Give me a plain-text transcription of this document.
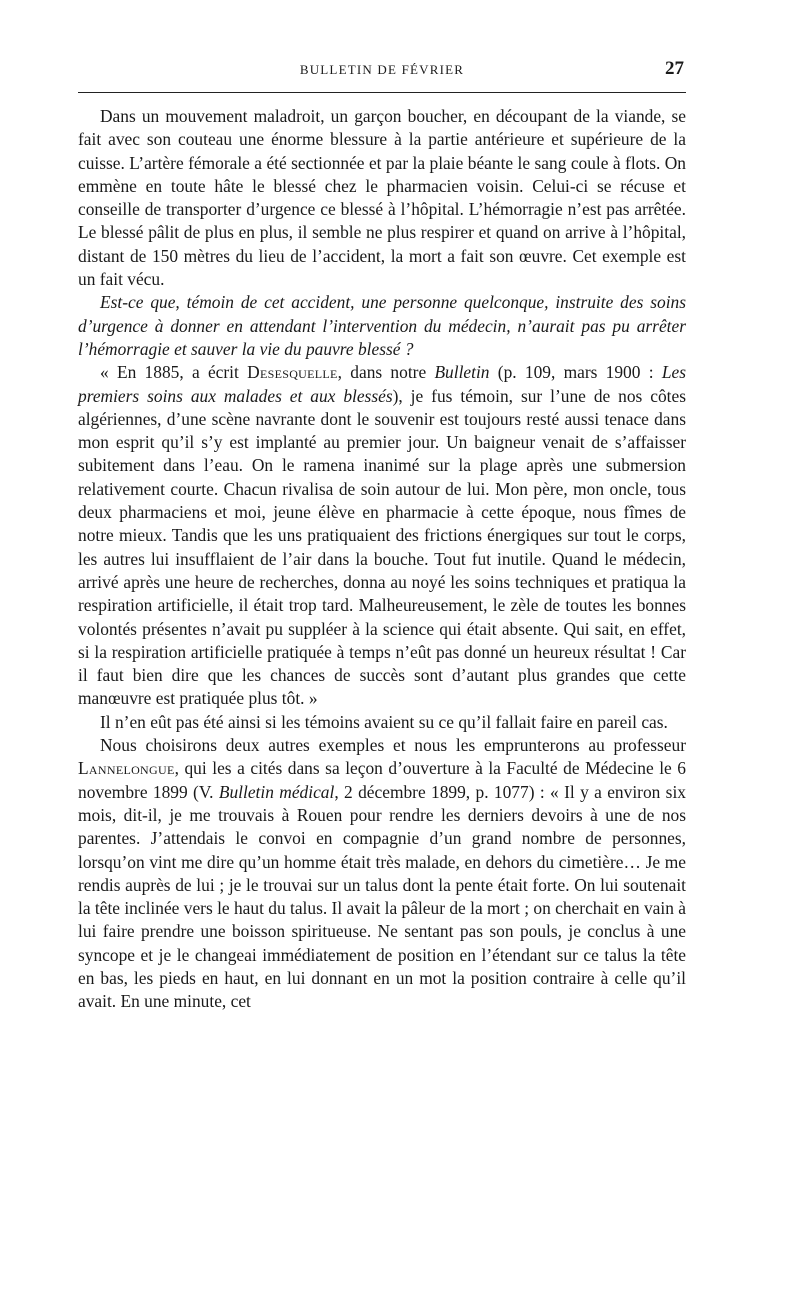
BULLETIN DE FÉVRIER	27

Dans un mouvement maladroit, un garçon boucher, en découpant de la viande, se fait avec son couteau une énorme blessure à la partie antérieure et supérieure de la cuisse. L’artère fémorale a été sectionnée et par la plaie béante le sang coule à flots. On emmène en toute hâte le blessé chez le pharmacien voisin. Celui-ci se récuse et conseille de transporter d’urgence ce blessé à l’hôpital. L’hémorragie n’est pas arrêtée. Le blessé pâlit de plus en plus, il semble ne plus respirer et quand on arrive à l’hôpital, distant de 150 mètres du lieu de l’accident, la mort a fait son œuvre. Cet exemple est un fait vécu.

Est-ce que, témoin de cet accident, une personne quelconque, instruite des soins d’urgence à donner en attendant l’intervention du médecin, n’aurait pas pu arrêter l’hémorragie et sauver la vie du pauvre blessé ?

« En 1885, a écrit Desesquelle, dans notre Bulletin (p. 109, mars 1900 : Les premiers soins aux malades et aux blessés), je fus témoin, sur l’une de nos côtes algériennes, d’une scène navrante dont le souvenir est toujours resté aussi tenace dans mon esprit qu’il s’y est implanté au premier jour. Un baigneur venait de s’affaisser subitement dans l’eau. On le ramena inanimé sur la plage après une submersion relativement courte. Chacun rivalisa de soin autour de lui. Mon père, mon oncle, tous deux pharmaciens et moi, jeune élève en pharmacie à cette époque, nous fîmes de notre mieux. Tandis que les uns pratiquaient des frictions énergiques sur tout le corps, les autres lui insufflaient de l’air dans la bouche. Tout fut inutile. Quand le médecin, arrivé après une heure de recherches, donna au noyé les soins techniques et pratiqua la respiration artificielle, il était trop tard. Malheureusement, le zèle de toutes les bonnes volontés présentes n’avait pu suppléer à la science qui était absente. Qui sait, en effet, si la respiration artificielle pratiquée à temps n’eût pas donné un heureux résultat ! Car il faut bien dire que les chances de succès sont d’autant plus grandes que cette manœuvre est pratiquée plus tôt. »

Il n’en eût pas été ainsi si les témoins avaient su ce qu’il fallait faire en pareil cas.

Nous choisirons deux autres exemples et nous les emprunterons au professeur Lannelongue, qui les a cités dans sa leçon d’ouverture à la Faculté de Médecine le 6 novembre 1899 (V. Bulletin médical, 2 décembre 1899, p. 1077) : « Il y a environ six mois, dit-il, je me trouvais à Rouen pour rendre les derniers devoirs à une de nos parentes. J’attendais le convoi en compagnie d’un grand nombre de personnes, lorsqu’on vint me dire qu’un homme était très malade, en dehors du cimetière… Je me rendis auprès de lui ; je le trouvai sur un talus dont la pente était forte. On lui soutenait la tête inclinée vers le haut du talus. Il avait la pâleur de la mort ; on cherchait en vain à lui faire prendre une boisson spiritueuse. Ne sentant pas son pouls, je conclus à une syncope et je le changeai immédiatement de position en l’étendant sur ce talus la tête en bas, les pieds en haut, en lui donnant en un mot la position contraire à celle qu’il avait. En une minute, cet
